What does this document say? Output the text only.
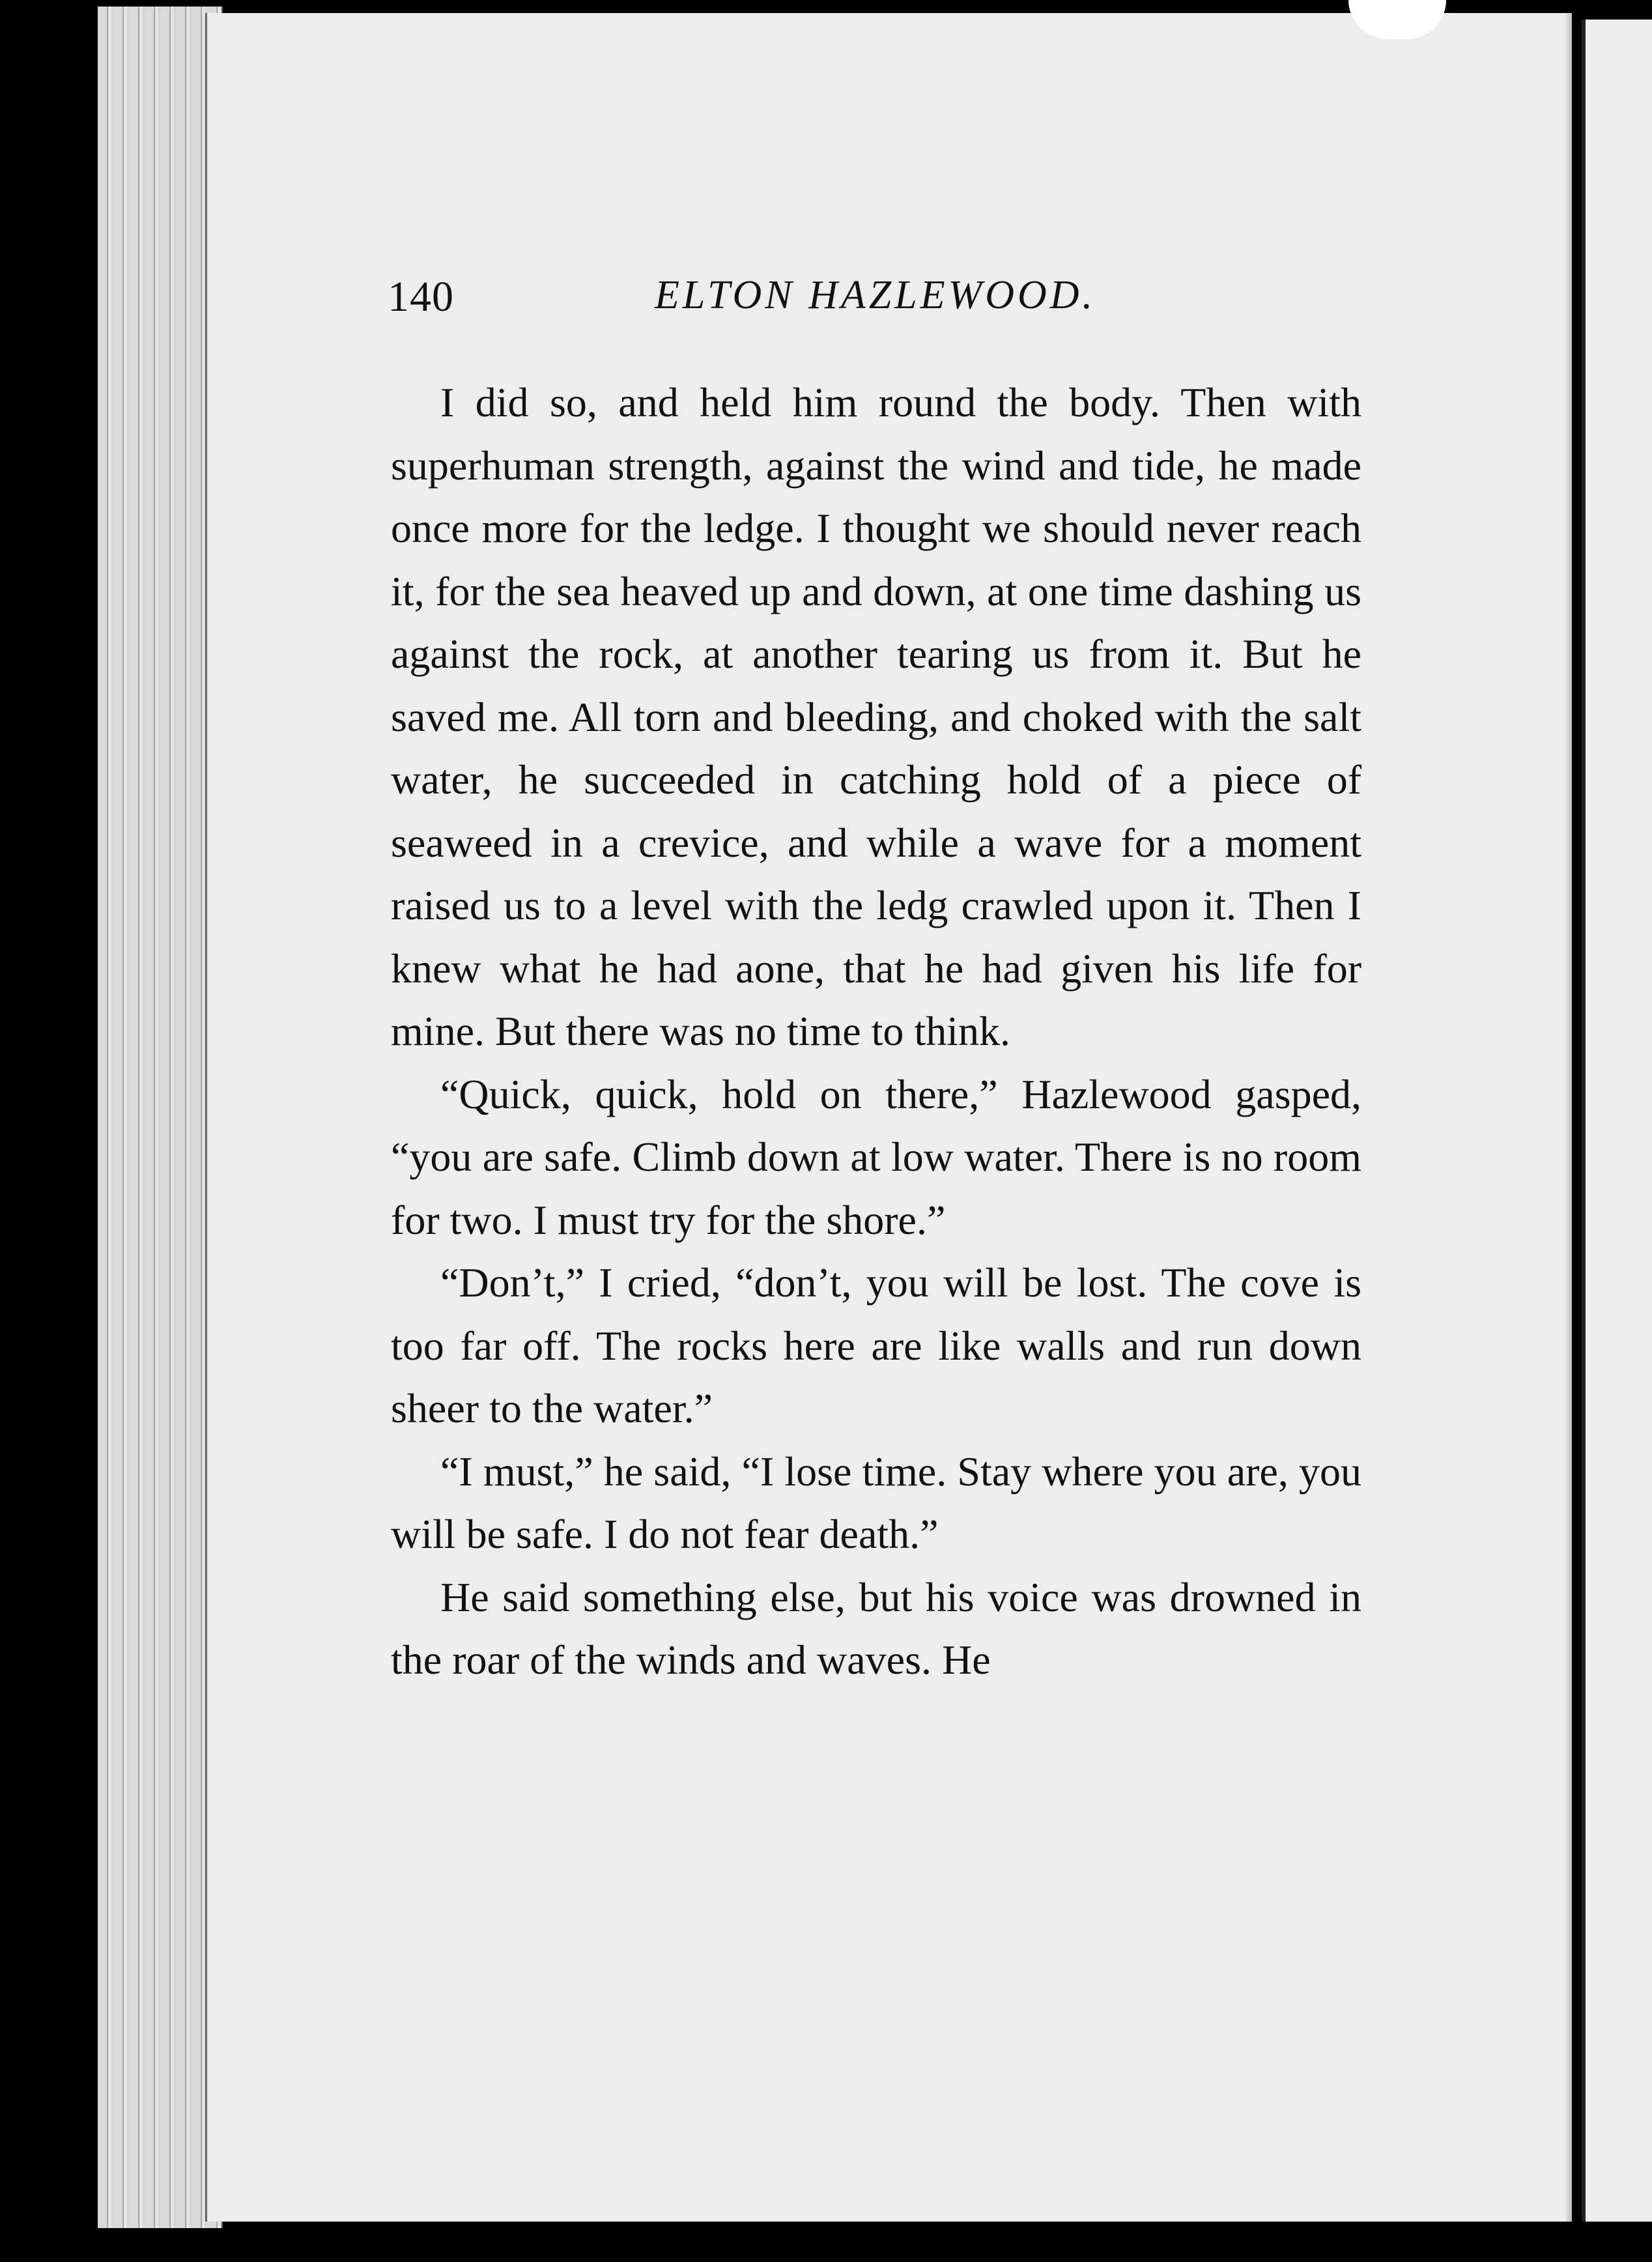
140	ELTON HAZLEWOOD.

I did so, and held him round the body. Then with superhuman strength, against the wind and tide, he made once more for the ledge. I thought we should never reach it, for the sea heaved up and down, at one time dashing us against the rock, at another tearing us from it. But he saved me. All torn and bleeding, and choked with the salt water, he succeeded in catching hold of a piece of seaweed in a crevice, and while a wave for a moment raised us to a level with the ledg crawled upon it. Then I knew what he had aone, that he had given his life for mine. But there was no time to think.

“Quick, quick, hold on there,” Hazlewood gasped, “you are safe. Climb down at low water. There is no room for two. I must try for the shore.”

“Don’t,” I cried, “don’t, you will be lost. The cove is too far off. The rocks here are like walls and run down sheer to the water.”

“I must,” he said, “I lose time. Stay where you are, you will be safe. I do not fear death.”

He said something else, but his voice was drowned in the roar of the winds and waves. He
